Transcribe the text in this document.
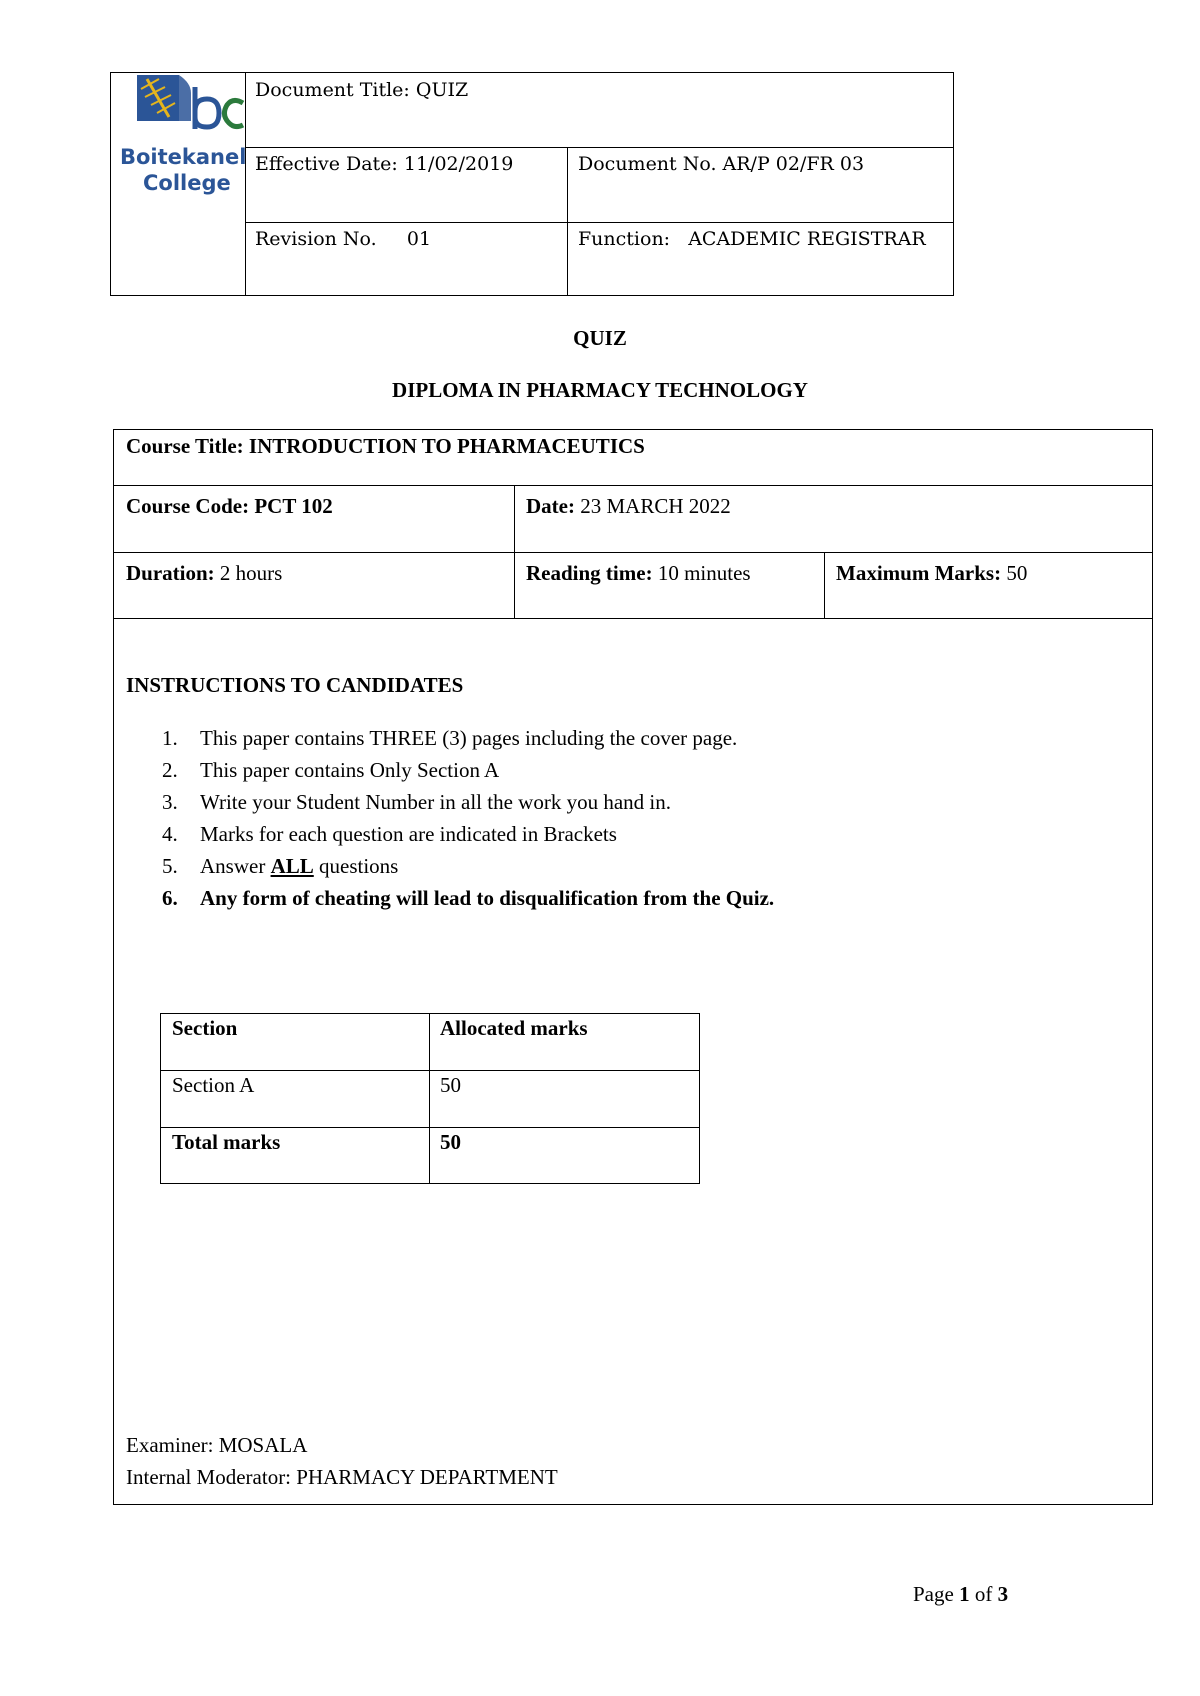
Boitekanel
College
Document Title: QUIZ
Effective Date: 11/02/2019	Document No. AR/P 02/FR 03
Revision No.     01	Function:   ACADEMIC REGISTRAR
QUIZ
DIPLOMA IN PHARMACY TECHNOLOGY
Course Title: INTRODUCTION TO PHARMACEUTICS
Course Code: PCT 102	Date: 23 MARCH 2022
Duration: 2 hours	Reading time: 10 minutes	Maximum Marks: 50
INSTRUCTIONS TO CANDIDATES
1. This paper contains THREE (3) pages including the cover page.
2. This paper contains Only Section A
3. Write your Student Number in all the work you hand in.
4. Marks for each question are indicated in Brackets
5. Answer ALL questions
6. Any form of cheating will lead to disqualification from the Quiz.
Examiner: MOSALA
Internal Moderator: PHARMACY DEPARTMENT
Section	Allocated marks
Section A	50
Total marks	50
Page 1 of 3
